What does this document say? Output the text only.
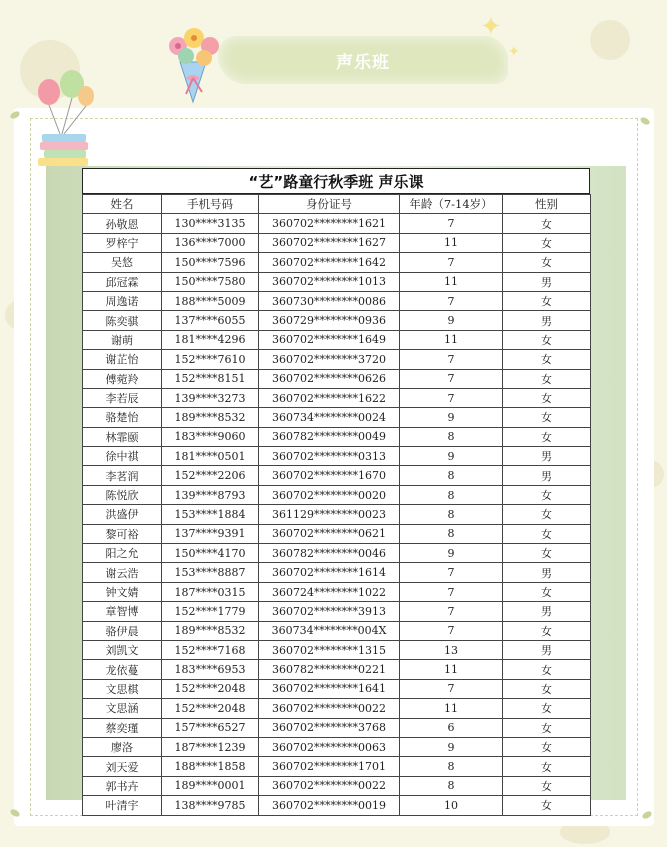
声乐班
✦
✦
“艺”路童行秋季班 声乐课
姓名	手机号码	身份证号	年龄（7-14岁）	性别
孙敬恩	130****3135	360702********1621	7	女
罗梓宁	136****7000	360702********1627	11	女
吴悠	150****7596	360702********1642	7	女
邱冠霖	150****7580	360702********1013	11	男
周逸诺	188****5009	360730********0086	7	女
陈奕骐	137****6055	360729********0936	9	男
谢萌	181****4296	360702********1649	11	女
谢芷怡	152****7610	360702********3720	7	女
傅菀羚	152****8151	360702********0626	7	女
李若辰	139****3273	360702********1622	7	女
骆楚怡	189****8532	360734********0024	9	女
林霏颐	183****9060	360782********0049	8	女
徐中祺	181****0501	360702********0313	9	男
李茗润	152****2206	360702********1670	8	男
陈悦欣	139****8793	360702********0020	8	女
洪盛伊	153****1884	361129********0023	8	女
黎可裕	137****9391	360702********0621	8	女
阳之允	150****4170	360782********0046	9	女
谢云浩	153****8887	360702********1614	7	男
钟文婧	187****0315	360724********1022	7	女
章智博	152****1779	360702********3913	7	男
骆伊晨	189****8532	360734********004X	7	女
刘凯文	152****7168	360702********1315	13	男
龙依蔓	183****6953	360782********0221	11	女
文思棋	152****2048	360702********1641	7	女
文思涵	152****2048	360702********0022	11	女
蔡奕瑾	157****6527	360702********3768	6	女
廖洛	187****1239	360702********0063	9	女
刘天爱	188****1858	360702********1701	8	女
郭书卉	189****0001	360702********0022	8	女
叶清宇	138****9785	360702********0019	10	女
